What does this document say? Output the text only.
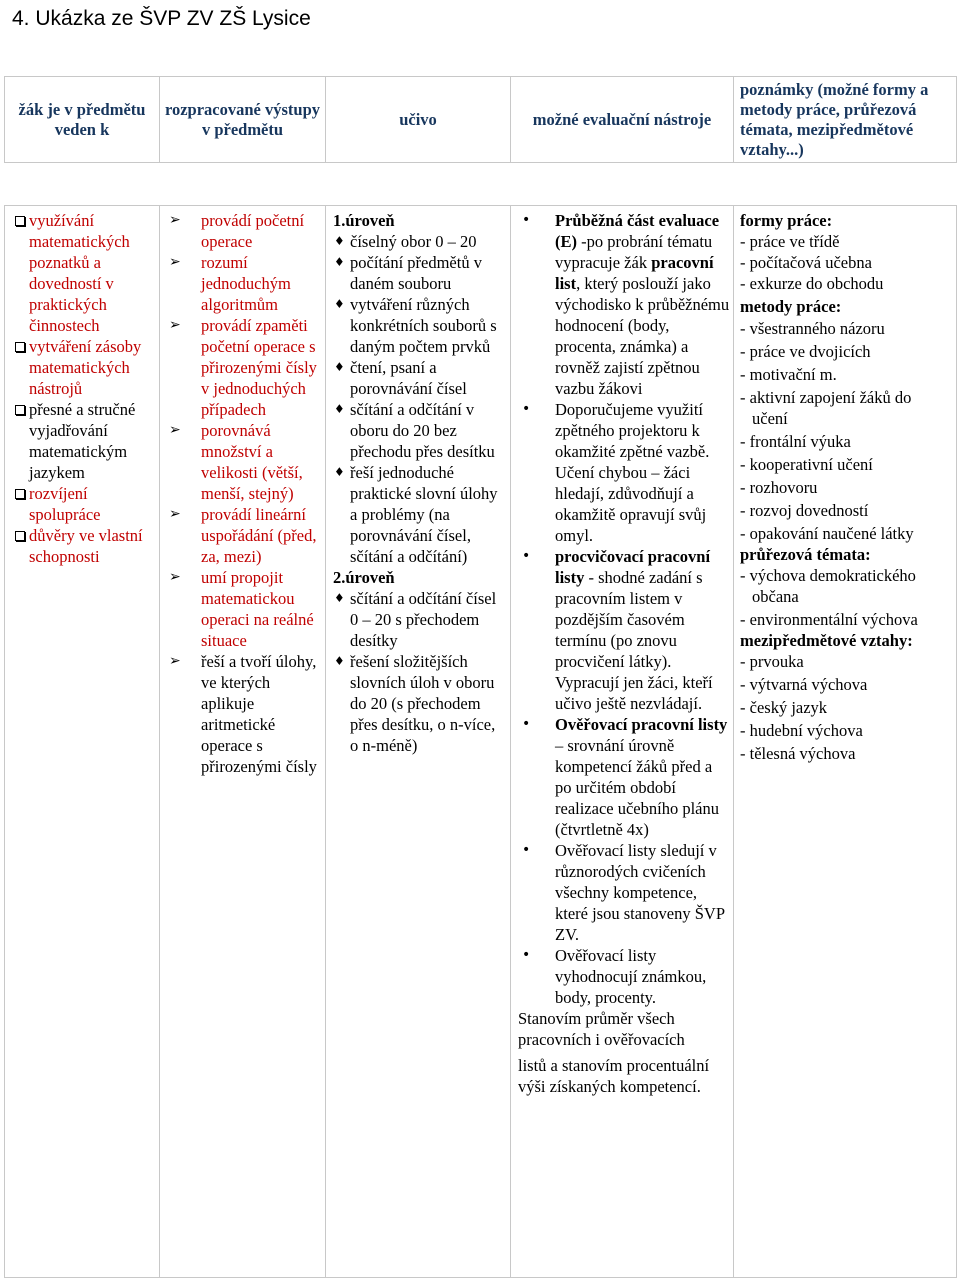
4. Ukázka ze ŠVP ZV ZŠ Lysice
žák je v předmětu veden k
rozpracované výstupy v předmětu
učivo	možné evaluační nástroje
poznámky (možné formy a metody práce, průřezová témata, mezipředmětové vztahy...)
využívání matematických poznatků a dovedností v praktických činnostech
vytváření zásoby matematických nástrojů
přesné a stručné vyjadřování matematickým jazykem
rozvíjení spolupráce
důvěry ve vlastní schopnosti
➢ provádí početní operace
➢ rozumí jednoduchým algoritmům
➢ provádí zpaměti početní operace s přirozenými čísly v jednoduchých případech
➢ porovnává množství a velikosti (větší, menší, stejný)
➢ provádí lineární uspořádání (před, za, mezi)
➢ umí propojit matematickou operaci na reálné situace
➢ řeší a tvoří úlohy, ve kterých aplikuje aritmetické operace s přirozenými čísly
1.úroveň
♦ číselný obor 0 – 20
♦ počítání předmětů v daném souboru
♦ vytváření různých konkrétních souborů s daným počtem prvků
♦ čtení, psaní a porovnávání čísel
♦ sčítání a odčítání v oboru do 20 bez přechodu přes desítku
♦ řeší jednoduché praktické slovní úlohy a problémy (na porovnávání čísel, sčítání a odčítání)
2.úroveň
♦ sčítání a odčítání čísel 0 – 20 s přechodem desítky
♦ řešení složitějších slovních úloh v oboru do 20 (s přechodem přes desítku, o n-více, o n-méně)
• Průběžná část evaluace (E) -po probrání tématu vypracuje žák pracovní list, který poslouží jako východisko k průběžnému hodnocení (body, procenta, známka) a rovněž zajistí zpětnou vazbu žákovi
• Doporučujeme využití zpětného projektoru k okamžité zpětné vazbě. Učení chybou – žáci hledají, zdůvodňují a okamžitě opravují svůj omyl.
• procvičovací pracovní listy - shodné zadání s pracovním listem v pozdějším časovém termínu (po znovu procvičení látky). Vypracují jen žáci, kteří učivo ještě nezvládají.
• Ověřovací pracovní listy – srovnání úrovně kompetencí žáků před a po určitém období realizace učebního plánu (čtvrtletně 4x)
• Ověřovací listy sledují v různorodých cvičeních všechny kompetence, které jsou stanoveny ŠVP ZV.
• Ověřovací listy vyhodnocují známkou, body, procenty.

Stanovím průměr všech pracovních i ověřovacích

listů a stanovím procentuální výši získaných kompetencí.

formy práce:
- práce ve třídě
- počítačová učebna
- exkurze do obchodu
metody práce:
- všestranného názoru
- práce ve dvojicích
- motivační m.
- aktivní zapojení žáků do učení
- frontální výuka
- kooperativní učení
- rozhovoru
- rozvoj dovedností
- opakování naučené látky
průřezová témata:
- výchova demokratického občana
- environmentální výchova
mezipředmětové vztahy:
- prvouka
- výtvarná výchova
- český jazyk
- hudební výchova
- tělesná výchova
